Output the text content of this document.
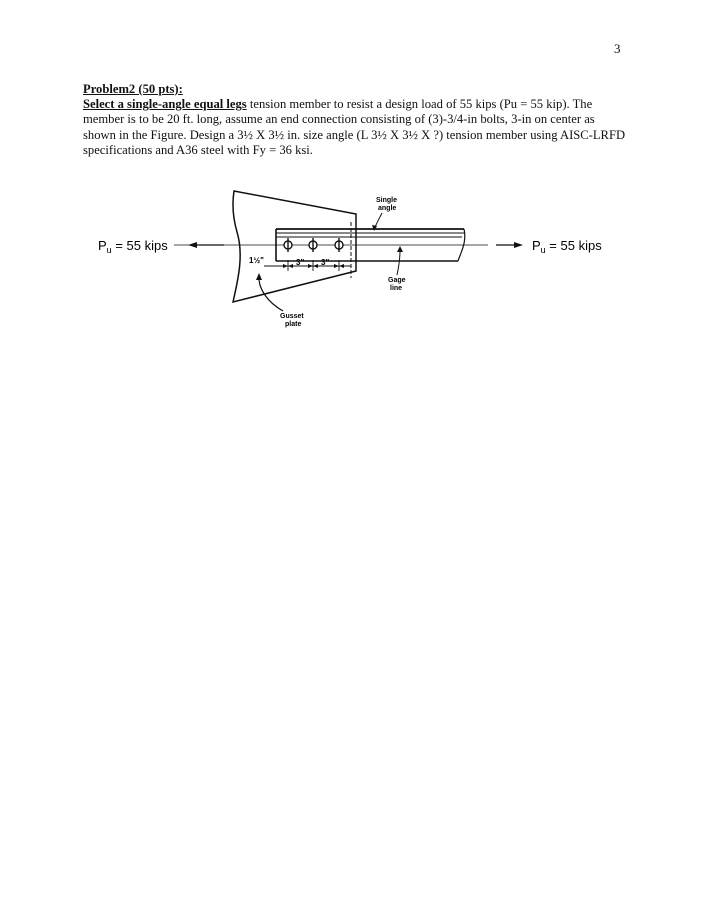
3
Problem2 (50 pts):
Select a single-angle equal legs tension member to resist a design load of 55 kips (Pu = 55 kip). The member is to be 20 ft. long, assume an end connection consisting of (3)-3/4-in bolts, 3-in on center as shown in the Figure. Design a 3½ X 3½ in. size angle (L 3½ X 3½ X ?) tension member using AISC-LRFD specifications and A36 steel with Fy = 36 ksi.
1½"	3" 3"
Single
angle
Gage
line
Gusset
plate
$P_u = 55$ kips	$P_u = 55$ kips
